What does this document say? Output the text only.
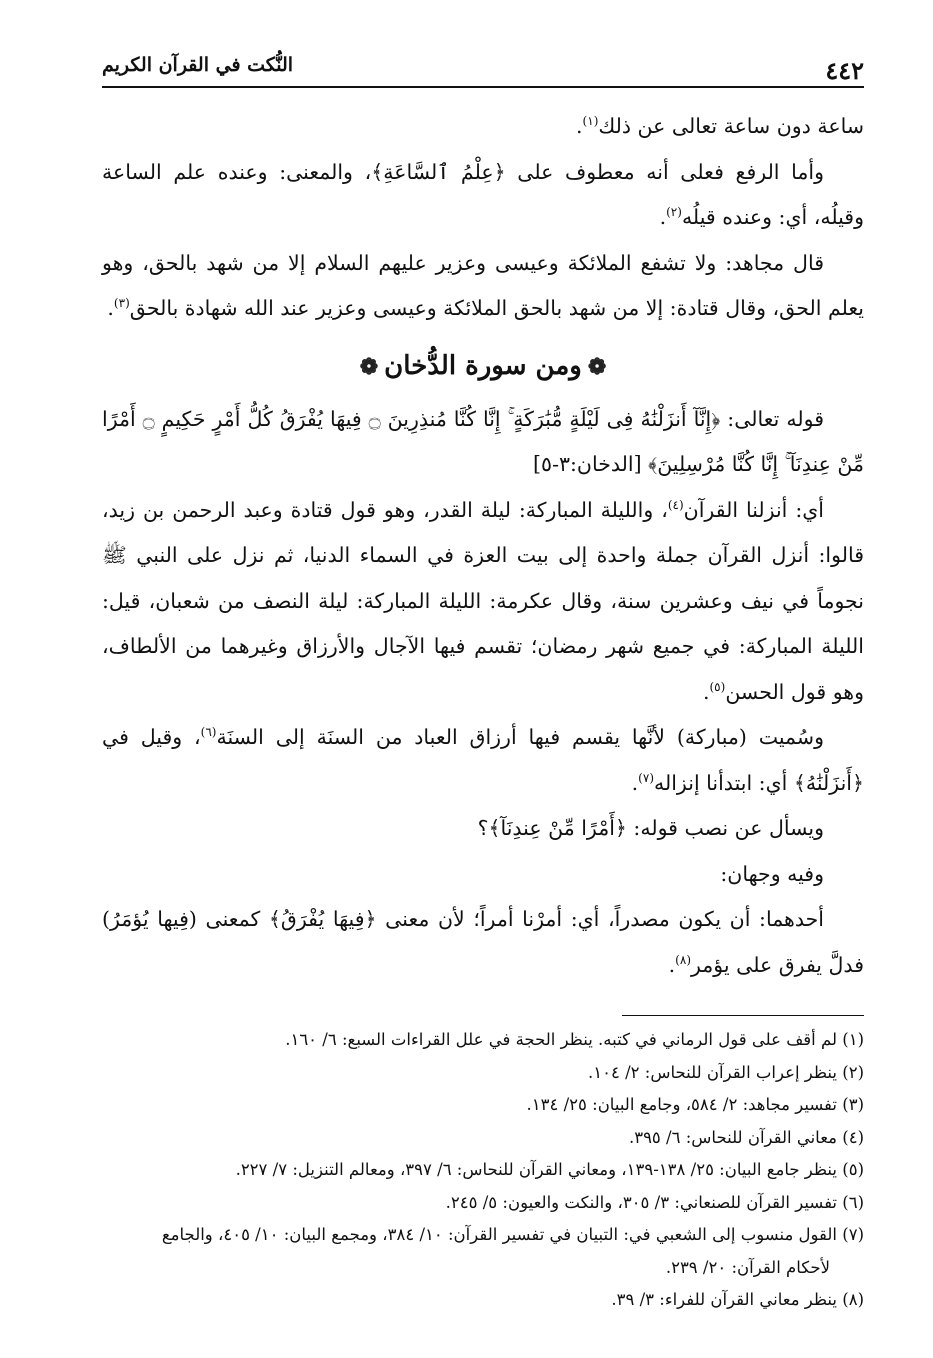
٤٤٢
النُّكت في القرآن الكريم

ساعة دون ساعة تعالى عن ذلك$^{(١)}$.

وأما الرفع فعلى أنه معطوف على ﴿عِلْمُ ٱلسَّاعَةِ﴾، والمعنى: وعنده علم الساعة وقيلُه، أي: وعنده قيلُه$^{(٢)}$.

قال مجاهد: ولا تشفع الملائكة وعيسى وعزير عليهم السلام إلا من شهد بالحق، وهو يعلم الحق، وقال قتادة: إلا من شهد بالحق الملائكة وعيسى وعزير عند الله شهادة بالحق$^{(٣)}$.

❁ومن سورة الدُّخان❁

قوله تعالى: ﴿إِنَّآ أَنزَلْنَٰهُ فِى لَيْلَةٍ مُّبَٰرَكَةٍ ۚ إِنَّا كُنَّا مُنذِرِينَ ۝ فِيهَا يُفْرَقُ كُلُّ أَمْرٍ حَكِيمٍ ۝ أَمْرًا مِّنْ عِندِنَآ ۚ إِنَّا كُنَّا مُرْسِلِينَ﴾ [الدخان:٣-٥]

أي: أنزلنا القرآن$^{(٤)}$، والليلة المباركة: ليلة القدر، وهو قول قتادة وعبد الرحمن بن زيد، قالوا: أنزل القرآن جملة واحدة إلى بيت العزة في السماء الدنيا، ثم نزل على النبي ﷺ نجوماً في نيف وعشرين سنة، وقال عكرمة: الليلة المباركة: ليلة النصف من شعبان، قيل: الليلة المباركة: في جميع شهر رمضان؛ تقسم فيها الآجال والأرزاق وغيرهما من الألطاف، وهو قول الحسن$^{(٥)}$.

وسُميت (مباركة) لأنَّها يقسم فيها أرزاق العباد من السنَة إلى السنَة$^{(٦)}$، وقيل في ﴿أَنزَلْنَٰهُ﴾ أي: ابتدأنا إنزاله$^{(٧)}$.

ويسأل عن نصب قوله: ﴿أَمْرًا مِّنْ عِندِنَآ﴾؟

وفيه وجهان:

أحدهما: أن يكون مصدراً، أي: أمرْنا أمراً؛ لأن معنى ﴿فِيهَا يُفْرَقُ﴾ كمعنى (فِيها يُؤمَرُ) فدلَّ يفرق على يؤمر$^{(٨)}$.

(١) لم أقف على قول الرماني في كتبه. ينظر الحجة في علل القراءات السبع: ٦/ ١٦٠.

(٢) ينظر إعراب القرآن للنحاس: ٢/ ١٠٤.

(٣) تفسير مجاهد: ٢/ ٥٨٤، وجامع البيان: ٢٥/ ١٣٤.

(٤) معاني القرآن للنحاس: ٦/ ٣٩٥.

(٥) ينظر جامع البيان: ٢٥/ ١٣٨-١٣٩، ومعاني القرآن للنحاس: ٦/ ٣٩٧، ومعالم التنزيل: ٧/ ٢٢٧.

(٦) تفسير القرآن للصنعاني: ٣/ ٣٠٥، والنكت والعيون: ٥/ ٢٤٥.

(٧) القول منسوب إلى الشعبي في: التبيان في تفسير القرآن: ١٠/ ٣٨٤، ومجمع البيان: ١٠/ ٤٠٥، والجامع

لأحكام القرآن: ٢٠/ ٢٣٩.

(٨) ينظر معاني القرآن للفراء: ٣/ ٣٩.
